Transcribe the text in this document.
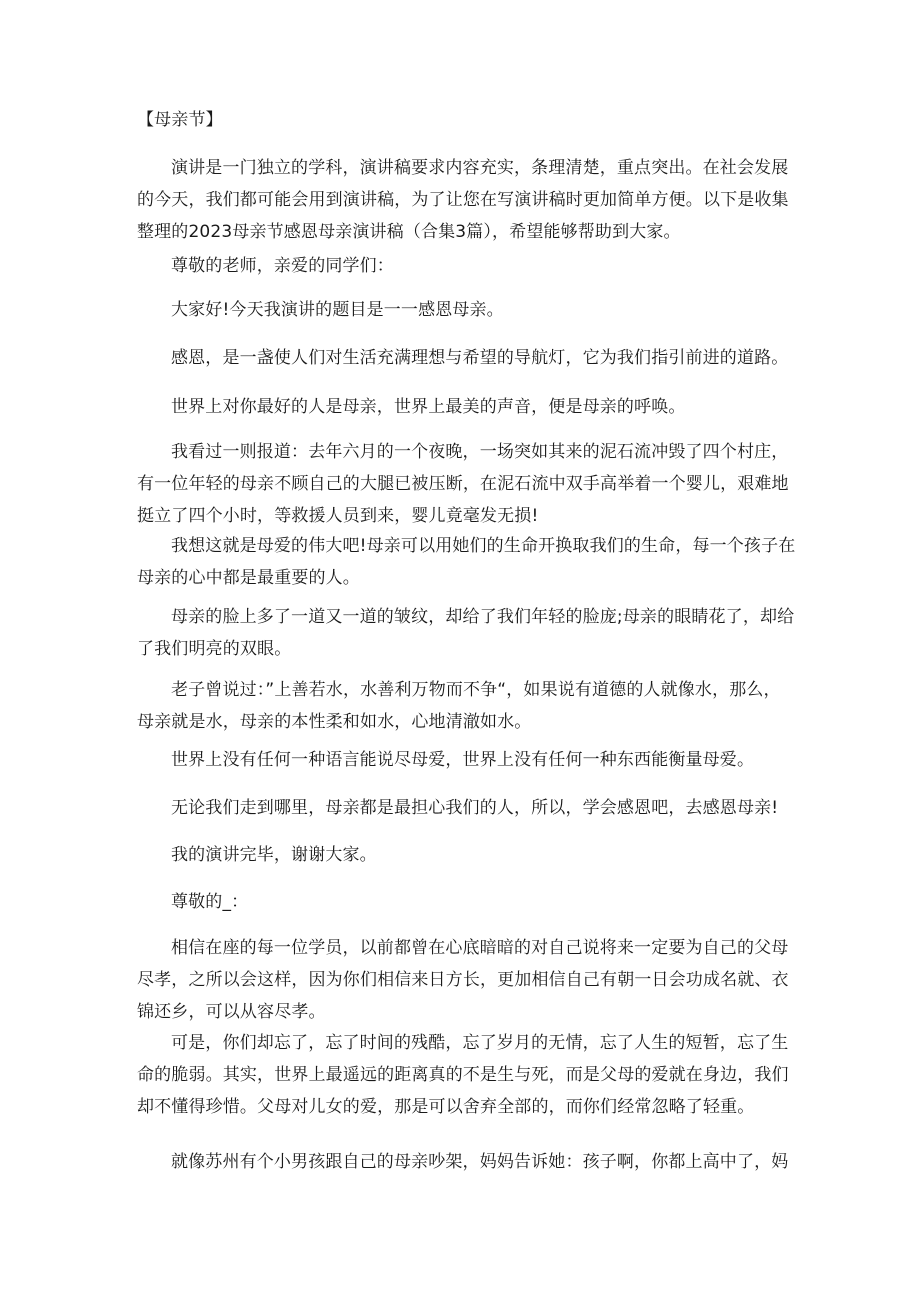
【母亲节】

演讲是一门独立的学科，演讲稿要求内容充实，条理清楚，重点突出。在社会发展的今天，我们都可能会用到演讲稿，为了让您在写演讲稿时更加简单方便。以下是收集整理的2023母亲节感恩母亲演讲稿（合集3篇），希望能够帮助到大家。

尊敬的老师，亲爱的同学们：

大家好!今天我演讲的题目是一一感恩母亲。

感恩，是一盏使人们对生活充满理想与希望的导航灯，它为我们指引前进的道路。

世界上对你最好的人是母亲，世界上最美的声音，便是母亲的呼唤。

我看过一则报道：去年六月的一个夜晚，一场突如其来的泥石流冲毁了四个村庄，有一位年轻的母亲不顾自己的大腿已被压断，在泥石流中双手高举着一个婴儿，艰难地挺立了四个小时，等救援人员到来，婴儿竟毫发无损!

我想这就是母爱的伟大吧!母亲可以用她们的生命开换取我们的生命，每一个孩子在母亲的心中都是最重要的人。

母亲的脸上多了一道又一道的皱纹，却给了我们年轻的脸庞;母亲的眼睛花了，却给了我们明亮的双眼。

老子曾说过：”上善若水，水善利万物而不争“，如果说有道德的人就像水，那么，母亲就是水，母亲的本性柔和如水，心地清澈如水。

世界上没有任何一种语言能说尽母爱，世界上没有任何一种东西能衡量母爱。

无论我们走到哪里，母亲都是最担心我们的人，所以，学会感恩吧，去感恩母亲!

我的演讲完毕，谢谢大家。

尊敬的_：

相信在座的每一位学员，以前都曾在心底暗暗的对自己说将来一定要为自己的父母尽孝，之所以会这样，因为你们相信来日方长，更加相信自己有朝一日会功成名就、衣锦还乡，可以从容尽孝。

可是，你们却忘了，忘了时间的残酷，忘了岁月的无情，忘了人生的短暂，忘了生命的脆弱。其实，世界上最遥远的距离真的不是生与死，而是父母的爱就在身边，我们却不懂得珍惜。父母对儿女的爱，那是可以舍弃全部的，而你们经常忽略了轻重。

就像苏州有个小男孩跟自己的母亲吵架，妈妈告诉她：孩子啊，你都上高中了，妈
